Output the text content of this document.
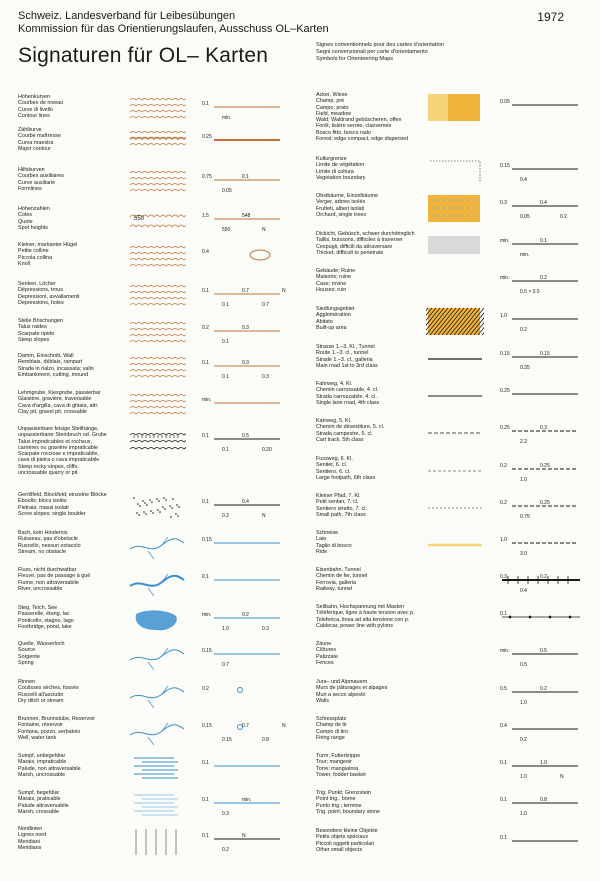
Schweiz. Landesverband für Leibesübungen
Kommission für das Orientierungslaufen, Ausschuss OL–Karten
1972
Signaturen für OL– Karten	Signes conventionnels pour des cartes d'orientation
Segni convenzionali per carte d'orientamento
Symbols for Orienteering Maps
Höhenkurven
Courbes de niveau
Curve di livello
Contour lines
0.1
min.
Zählkurve
Courbe maîtresse
Curva maestra
Major contour
0.25
Hilfskurven
Courbes auxiliaires
Curve ausiliarie
Formlines
0.75
0.05
0.1
Höhenzahlen
Cotes
Quote
Spot heights
550	1.5
550
548
N
Kleiner, markanter Hügel
Petite colline
Piccola collina
Knoll
0.4
Senken, Löcher
Dépressions, trous
Depressioni, avvallamenti
Depressions, holes
0.1
0.1
0.7
0.7
N
Steile Böschungen
Talus raides
Scarpate ripide
Steep slopes
0.2
0.1
0.3
Damm, Einschnitt, Wall
Remblais, déblais, rampart
Strada in rialzo, incassata; vallo
Embankment, cutting, mound
0.1
0.1
0.3
0.3
Lehmgrube, Kiesgrube, passierbar
Glaisière, gravière, traversable
Cava d'argilla, cava di ghiaia, attr.
Clay pit, gravel pit, crossable
min.
Unpassierbare felsige Steilhänge,
unpassierbarer Steinbruch od. Grube
Talus impraticables et rocheux,
carrières ou gravière impraticable
Scarpate rocciose e impraticabile,
cava di pietra o cava impraticabile
Steep rocky slopes, cliffs,
uncrossable quarry or pit
0.1
0.1
0.5
0.20
Geröllfeld, Blockfeld; einzelne Blöcke
Éboulis; blocs isolés
Pietraia; massi isolati
Scree slopes; single boulder
0.1
0.2
0.4
N
Bach, kein Hindernis
Ruisseau, pas d'obstacle
Ruscello, nessun ostacolo
Stream, no obstacle
0.15
Fluss, nicht durchwatbar
Fleuve, pas de passage à gué
Fiume, non attraversabile
River, uncrossable
0.1
Steg, Teich, See
Passerelle, étang, lac
Ponticello, stagno, lago
Footbridge, pond, lake
min.
1.0
0.2
0.3
Quelle, Wasserloch
Source
Sorgente
Spring
0.15
0.7
Rinnen
Coulisses sèches, fossés
Ruscelli all'asciutto
Dry ditch or stream
0.2
Brunnen, Brunnstube, Reservoir
Fontaine, réservoir
Fontana, pozzo, serbatoio
Well, water tank
0.15
0.15
0.7
0.8
N
Sumpf, unbegehbar
Marais, impraticable
Palude, non attraversabile
Marsh, uncrossable
0.1
Sumpf, begehbar
Marais, praticable
Palude attraversabile
Marsh, crossable
0.1
0.3
min.
Nordlinien
Lignes nord
Meridiani
Meridians
0.1
0.2
N
Acker, Wiese
Champ, pré
Campo, prato
Field, meadow
Wald; Waldrand gebüscheren, offen
Forêt; lisière serrée, clairsemée
Bosco fitto, bosco rado
Forest; edge compact, edge dispersed
0.05
Kulturgrenze
Limite de végétation
Limite di coltura
Vegetation boundary
0.15
0.4
Obstbäume, Einzelbäume
Verger, arbres isolés
Frutteti, alberi isolati
Orchard, single trees
0.3
0.05
0.4
0.2
Dickicht, Gebüsch, schwer durchdringlich
Taillis, buissons, difficiles à traverser
Cespugli, difficili da attraversare
Thicket, difficult to penetrate
min.
min.
0.1
Gebäude; Ruine
Maisons; ruine
Case; rovine
Houses; ruin
min.
0.5 × 0.5
0.2
Siedlungsgebiet
Agglomération
Abitato
Built-up area
1.0
0.2
Strasse 1.–3. Kl., Tunnel
Route 1.–3. cl., tunnel
Strade 1.–3. cl., galleria
Main road 1st to 3rd class
0.15
0.35
0.15
Fahrweg, 4. Kl.
Chemin carrossable, 4. cl.
Strada carrozzabile, 4. cl.
Single lane road, 4th class
0.25
Karrweg, 5. Kl.
Chemin de dévestiture, 5. cl.
Strada campestre, 5. cl.
Cart track, 5th class
0.25
2.2
0.3
Fussweg, 6. Kl.
Sentier, 6. cl.
Sentiero, 6. cl.
Large footpath, 6th class
0.2
1.0
0.25
Kleiner Pfad, 7. Kl.
Petit sentier, 7. cl.
Sentiero stretto, 7. cl.
Small path, 7th class
0.2
0.75
0.25
Schneise
Laie
Taglio di bosco
Ride
1.0
3.0
Eisenbahn, Tunnel
Chemin de fer, tunnel
Ferrovia, galleria
Railway, tunnel
0.3
0.4
0.2
Seilbahn, Hochspannung mit Masten
Téléférique, ligne à haute tension avec p.
Teleferica, linea ad alta tensione con p.
Cablecar, power line with pylons
0.1
Zäune
Clôtures
Palizzate
Fences
min.
0.5
0.5
Jura– und Alpmauern
Murs de pâturages et alpages
Muri a secco alpestri
Walls
0.5
1.0
0.2
Schiessplatz
Champ de tir
Campo di tiro
Firing range
0.4
0.2
Turm; Futterkrippe
Tour; mangeoir
Torre; mangiatora
Tower, fodder basket
0.1
1.0
1.0
N
Trig. Punkt; Grenzstein
Point trig.; borne
Punto trig.; termine
Trig. point; boundary stone
0.1
1.0
0.8
Besondere kleine Objekte
Petits objets spéciaux
Piccoli oggetti particolari
Other small objects
0.1
